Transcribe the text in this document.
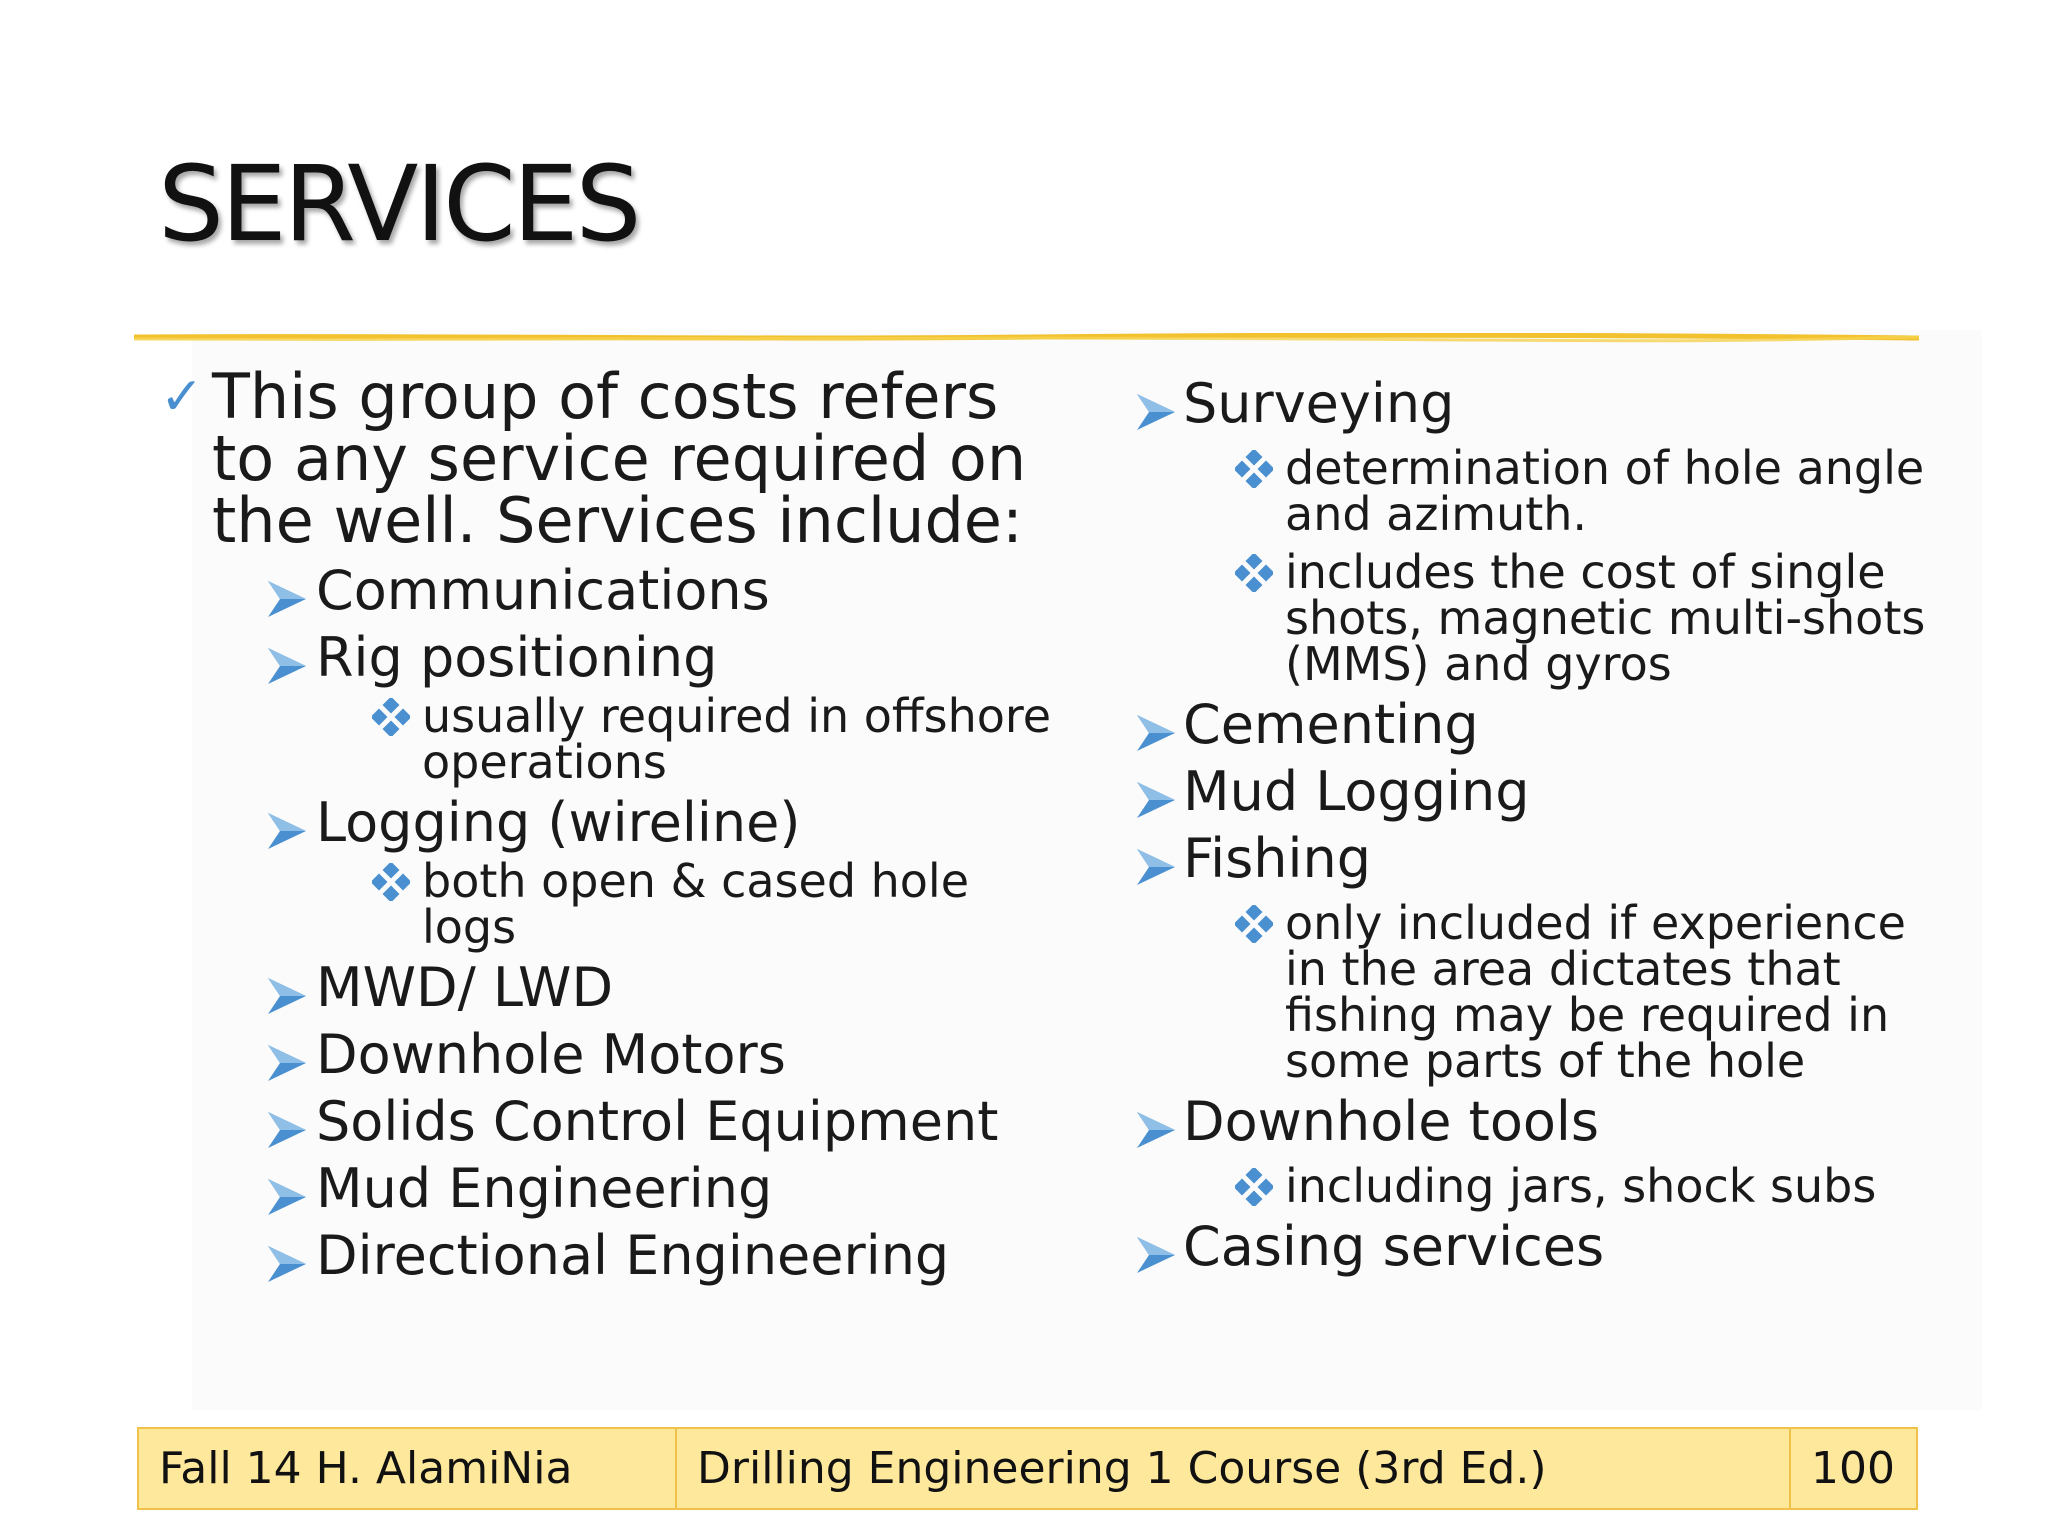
SERVICES
✓ This group of costs refers to any service required on the well. Services include:
Communications
Rig positioning
usually required in offshore operations
Logging (wireline)
both open & cased hole logs
MWD/ LWD
Downhole Motors
Solids Control Equipment
Mud Engineering
Directional Engineering
Surveying
determination of hole angle and azimuth.
includes the cost of single shots, magnetic multi-shots (MMS) and gyros
Cementing
Mud Logging
Fishing
only included if experience in the area dictates that fishing may be required in some parts of the hole
Downhole tools
including jars, shock subs
Casing services
Fall 14 H. AlamiNia	Drilling Engineering 1 Course (3rd Ed.)	100
